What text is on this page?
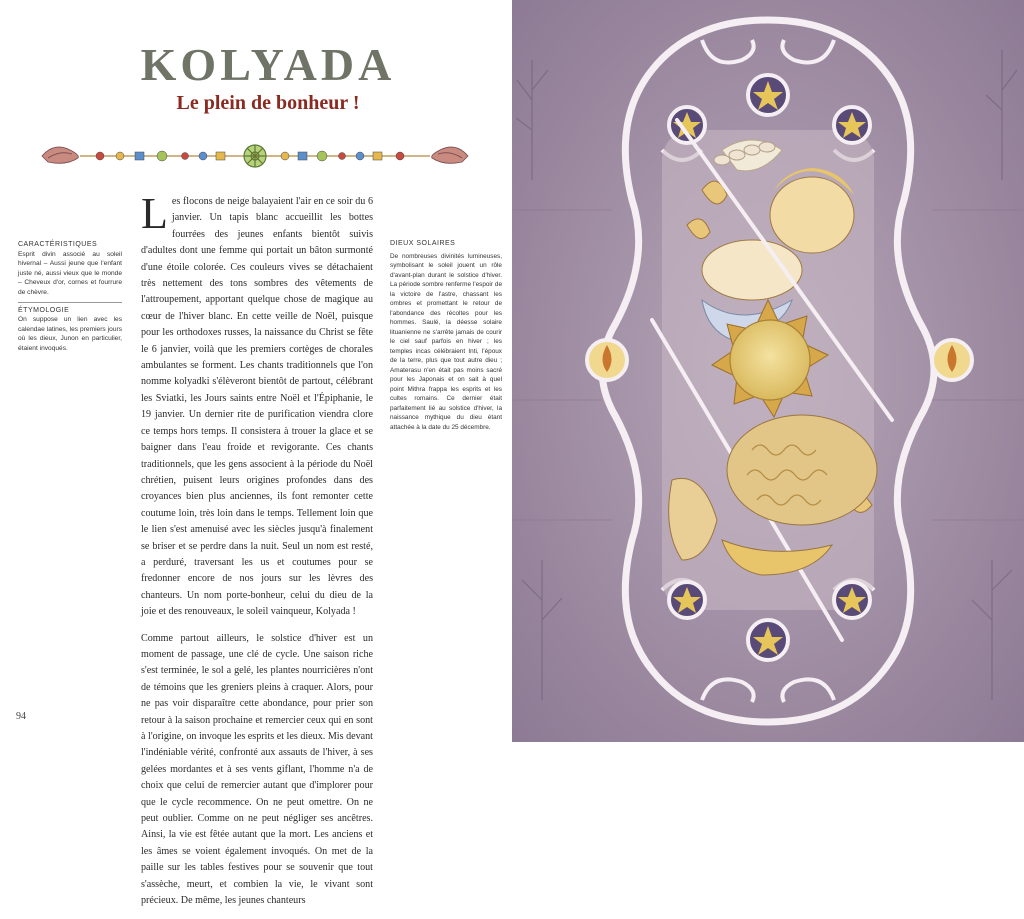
KOLYADA
Le plein de bonheur !
CARACTÉRISTIQUES
Esprit divin associé au soleil hivernal – Aussi jeune que l'enfant juste né, aussi vieux que le monde – Cheveux d'or, cornes et fourrure de chèvre.
ÉTYMOLOGIE
On suppose un lien avec les calendae latines, les premiers jours où les dieux, Junon en particulier, étaient invoqués.

Les flocons de neige balayaient l'air en ce soir du 6 janvier. Un tapis blanc accueillit les bottes fourrées des jeunes enfants bientôt suivis d'adultes dont une femme qui portait un bâton surmonté d'une étoile colorée. Ces couleurs vives se détachaient très nettement des tons sombres des vêtements de l'attroupement, apportant quelque chose de magique au cœur de l'hiver blanc. En cette veille de Noël, puisque pour les orthodoxes russes, la naissance du Christ se fête le 6 janvier, voilà que les premiers cortèges de chorales ambulantes se forment. Les chants traditionnels que l'on nomme kolyadki s'élèveront bientôt de partout, célébrant les Sviatki, les Jours saints entre Noël et l'Épiphanie, le 19 janvier. Un dernier rite de purification viendra clore ce temps hors temps. Il consistera à trouer la glace et se baigner dans l'eau froide et revigorante. Ces chants traditionnels, que les gens associent à la période du Noël chrétien, puisent leurs origines profondes dans des croyances bien plus anciennes, ils font remonter cette coutume loin, très loin dans le temps. Tellement loin que le lien s'est amenuisé avec les siècles jusqu'à finalement se briser et se perdre dans la nuit. Seul un nom est resté, a perduré, traversant les us et coutumes pour se fredonner encore de nos jours sur les lèvres des chanteurs. Un nom porte-bonheur, celui du dieu de la joie et des renouveaux, le soleil vainqueur, Kolyada !

Comme partout ailleurs, le solstice d'hiver est un moment de passage, une clé de cycle. Une saison riche s'est terminée, le sol a gelé, les plantes nourricières n'ont de témoins que les greniers pleins à craquer. Alors, pour ne pas voir disparaître cette abondance, pour prier son retour à la saison prochaine et remercier ceux qui en sont à l'origine, on invoque les esprits et les dieux. Mis devant l'indéniable vérité, confronté aux assauts de l'hiver, à ses gelées mordantes et à ses vents giflant, l'homme n'a de choix que celui de remercier autant que d'implorer pour que le cycle recommence. On ne peut omettre. On ne peut oublier. Comme on ne peut négliger ses ancêtres. Ainsi, la vie est fêtée autant que la mort. Les anciens et les âmes se voient également invoqués. On met de la paille sur les tables festives pour se souvenir que tout s'assèche, meurt, et combien la vie, le vivant sont précieux. De même, les jeunes chanteurs

DIEUX SOLAIRES
De nombreuses divinités lumineuses, symbolisant le soleil jouent un rôle d'avant-plan durant le solstice d'hiver. La période sombre renferme l'espoir de la victoire de l'astre, chassant les ombres et promettant le retour de l'abondance des récoltes pour les hommes. Saulé, la déesse solaire lituanienne ne s'arrête jamais de courir le ciel sauf parfois en hiver ; les temples incas célébraient Inti, l'époux de la terre, plus que tout autre dieu ; Amaterasu n'en était pas moins sacré pour les Japonais et on sait à quel point Mithra frappa les esprits et les cultes romains. Ce dernier était parfaitement lié au solstice d'hiver, la naissance mythique du dieu étant attachée à la date du 25 décembre.
94
